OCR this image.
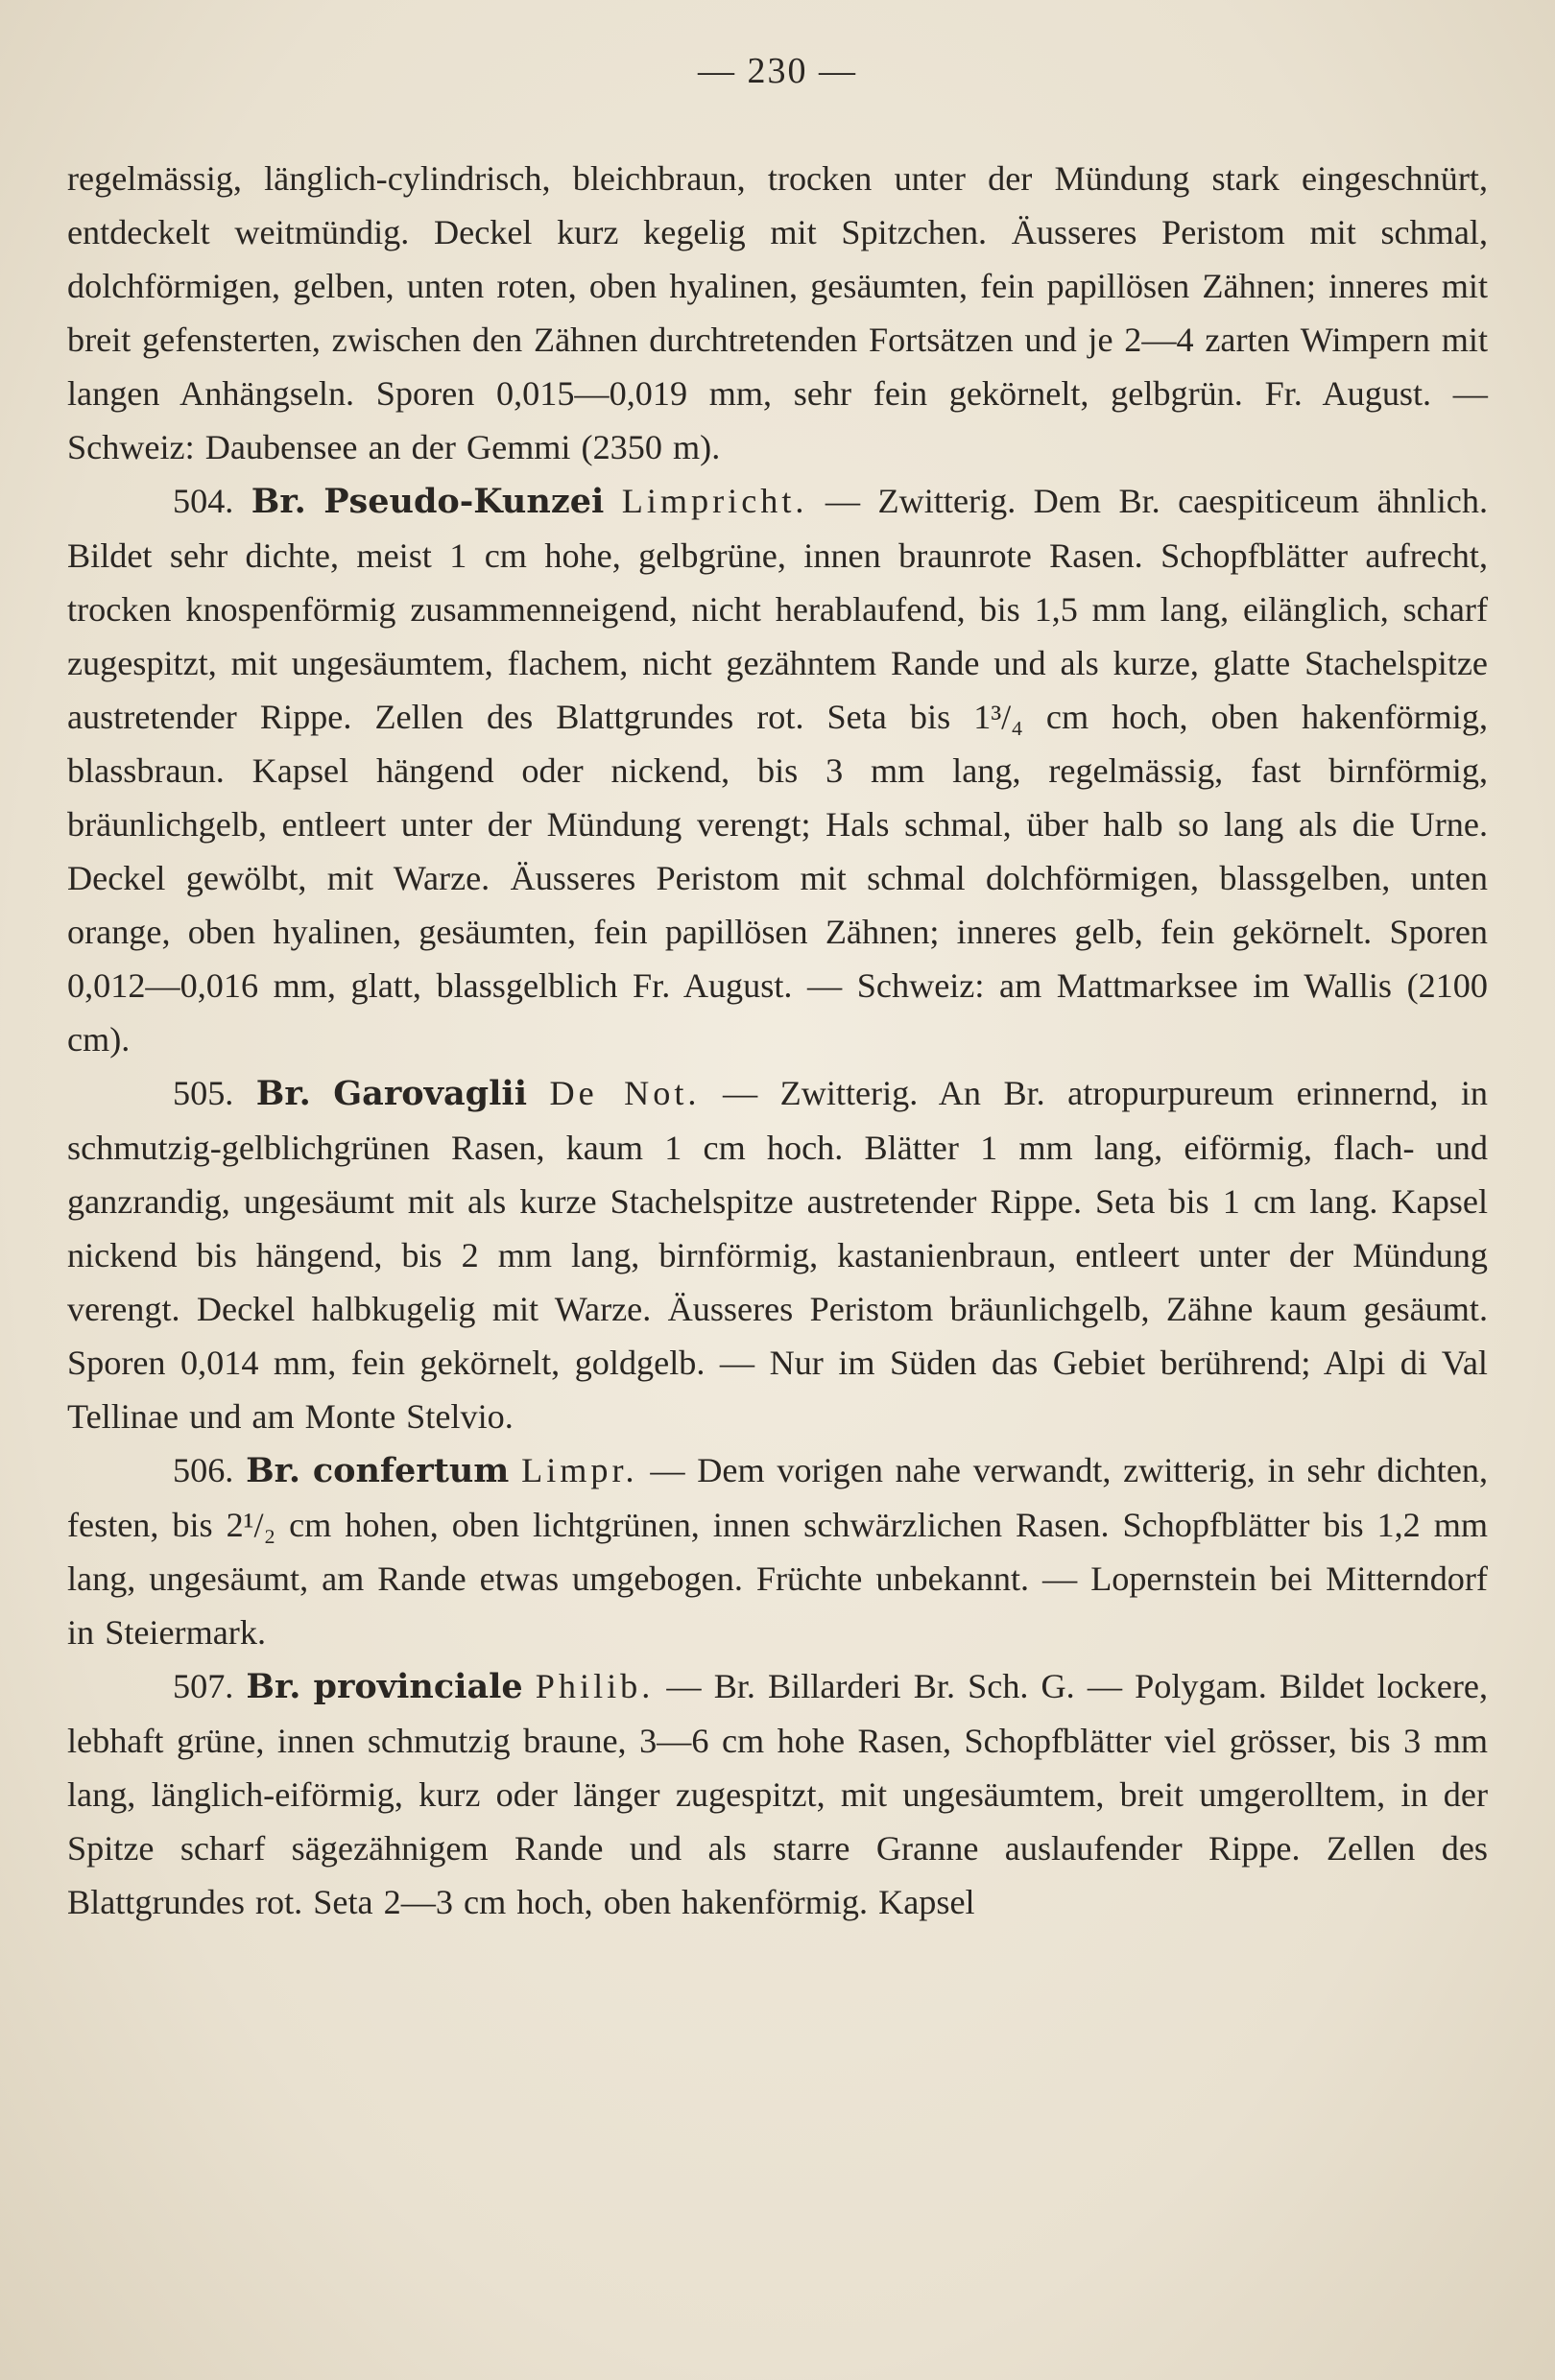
— 230 —

regelmässig, länglich-cylindrisch, bleichbraun, trocken unter der Mündung stark eingeschnürt, entdeckelt weitmündig. Deckel kurz kegelig mit Spitzchen. Äusseres Peristom mit schmal, dolchförmigen, gelben, unten roten, oben hyalinen, gesäumten, fein papillösen Zähnen; inneres mit breit gefensterten, zwischen den Zähnen durchtretenden Fortsätzen und je 2—4 zarten Wimpern mit langen Anhängseln. Sporen 0,015—0,019 mm, sehr fein gekörnelt, gelbgrün. Fr. August. — Schweiz: Daubensee an der Gemmi (2350 m).

504. Br. Pseudo-Kunzei Limpricht. — Zwitterig. Dem Br. caespiticeum ähnlich. Bildet sehr dichte, meist 1 cm hohe, gelbgrüne, innen braunrote Rasen. Schopfblätter aufrecht, trocken knospenförmig zusammenneigend, nicht herablaufend, bis 1,5 mm lang, eilänglich, scharf zugespitzt, mit ungesäumtem, flachem, nicht gezähntem Rande und als kurze, glatte Stachelspitze austretender Rippe. Zellen des Blattgrundes rot. Seta bis 1³/₄ cm hoch, oben hakenförmig, blassbraun. Kapsel hängend oder nickend, bis 3 mm lang, regelmässig, fast birnförmig, bräunlichgelb, entleert unter der Mündung verengt; Hals schmal, über halb so lang als die Urne. Deckel gewölbt, mit Warze. Äusseres Peristom mit schmal dolchförmigen, blassgelben, unten orange, oben hyalinen, gesäumten, fein papillösen Zähnen; inneres gelb, fein gekörnelt. Sporen 0,012—0,016 mm, glatt, blassgelblich Fr. August. — Schweiz: am Mattmarksee im Wallis (2100 cm).

505. Br. Garovaglii De Not. — Zwitterig. An Br. atropurpureum erinnernd, in schmutzig-gelblichgrünen Rasen, kaum 1 cm hoch. Blätter 1 mm lang, eiförmig, flach- und ganzrandig, ungesäumt mit als kurze Stachelspitze austretender Rippe. Seta bis 1 cm lang. Kapsel nickend bis hängend, bis 2 mm lang, birnförmig, kastanienbraun, entleert unter der Mündung verengt. Deckel halbkugelig mit Warze. Äusseres Peristom bräunlichgelb, Zähne kaum gesäumt. Sporen 0,014 mm, fein gekörnelt, goldgelb. — Nur im Süden das Gebiet berührend; Alpi di Val Tellinae und am Monte Stelvio.

506. Br. confertum Limpr. — Dem vorigen nahe verwandt, zwitterig, in sehr dichten, festen, bis 2¹/₂ cm hohen, oben lichtgrünen, innen schwärzlichen Rasen. Schopfblätter bis 1,2 mm lang, ungesäumt, am Rande etwas umgebogen. Früchte unbekannt. — Lopernstein bei Mitterndorf in Steiermark.

507. Br. provinciale Philib. — Br. Billarderi Br. Sch. G. — Polygam. Bildet lockere, lebhaft grüne, innen schmutzig braune, 3—6 cm hohe Rasen, Schopfblätter viel grösser, bis 3 mm lang, länglich-eiförmig, kurz oder länger zugespitzt, mit ungesäumtem, breit umgerolltem, in der Spitze scharf sägezähnigem Rande und als starre Granne auslaufender Rippe. Zellen des Blattgrundes rot. Seta 2—3 cm hoch, oben hakenförmig. Kapsel
